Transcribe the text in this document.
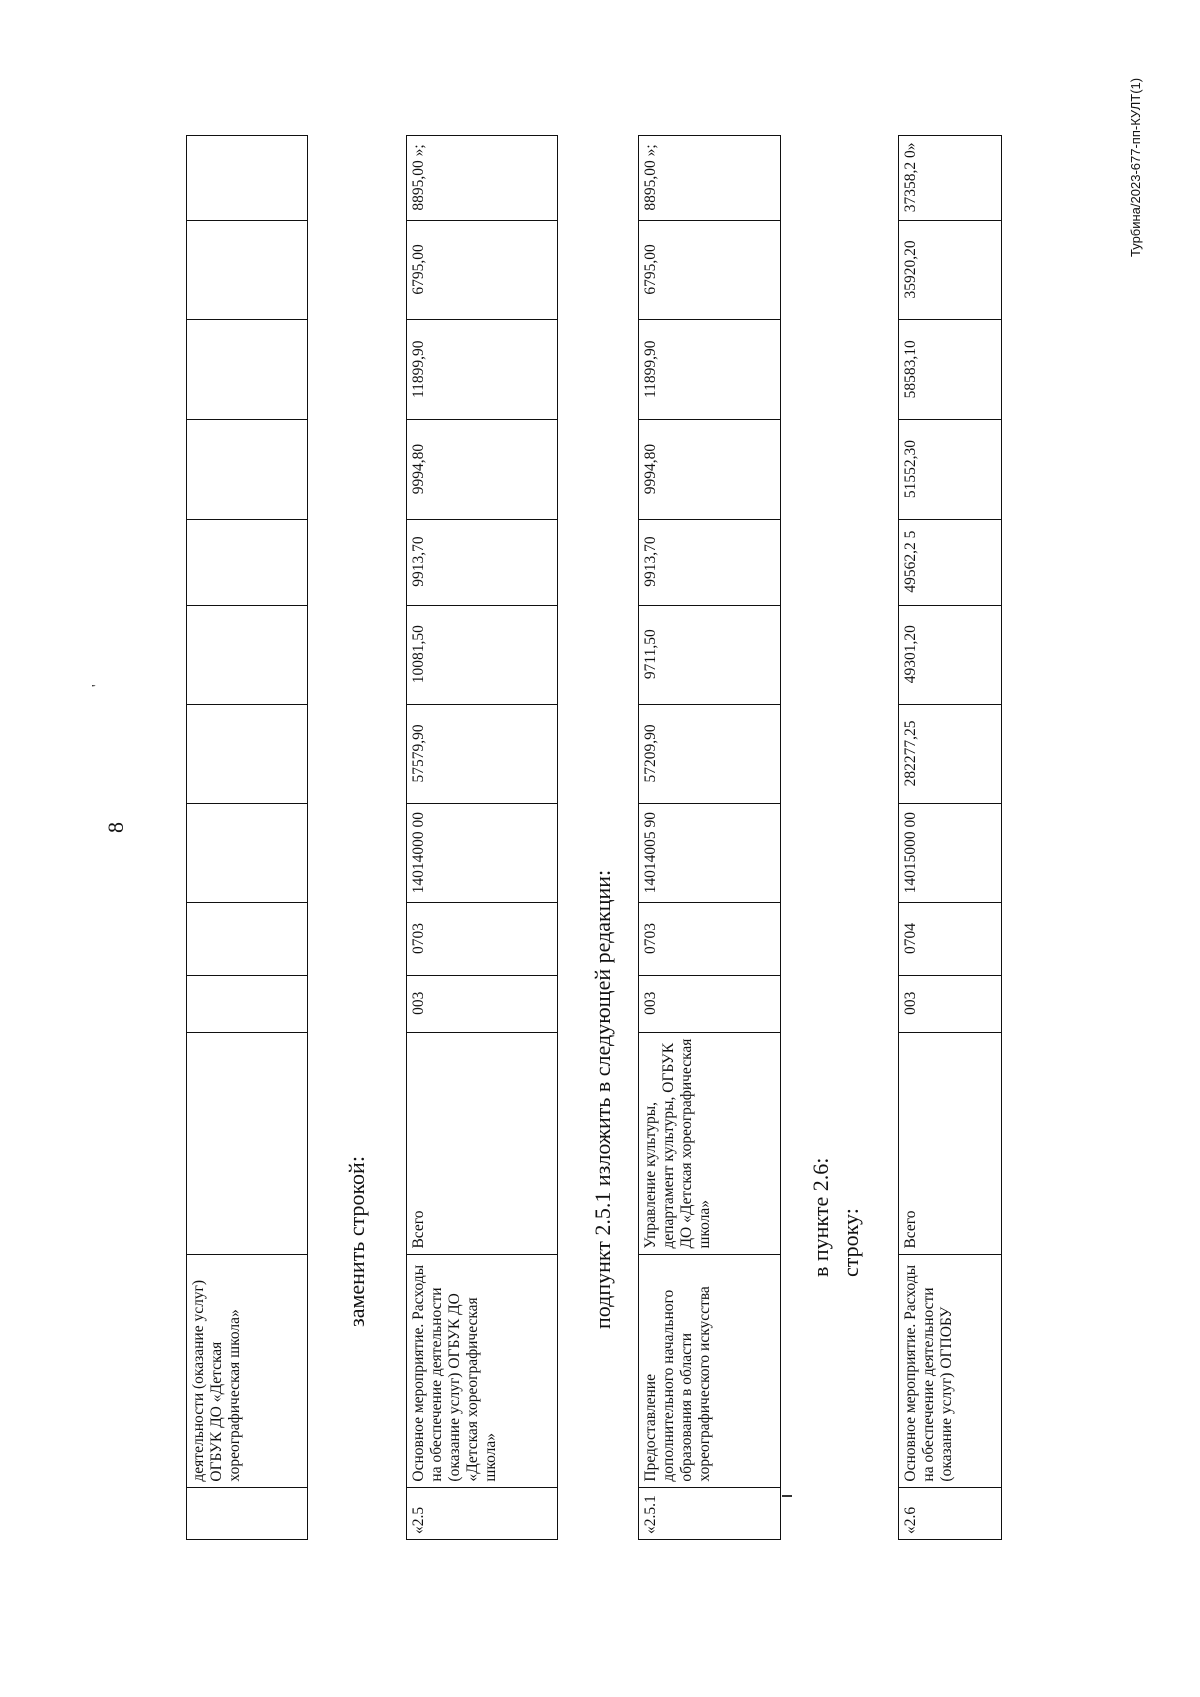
8
'
	деятельности (оказание услуг) ОГБУК ДО «Детская хореографическая школа»											
заменить строкой:
«2.5	Основное мероприятие. Расходы на обеспечение деятельности (оказание услуг) ОГБУК ДО «Детская хореографическая школа»	Всего	003	0703	14014000 00	57579,90	10081,50	9913,70	9994,80	11899,90	6795,00	8895,00 »;
подпункт 2.5.1 изложить в следующей редакции:
«2.5.1	Предоставление дополнительного начального образования в области хореографического искусства	Управление культуры, департамент культуры, ОГБУК ДО «Детская хореографическая школа»	003	0703	14014005 90	57209,90	9711,50	9913,70	9994,80	11899,90	6795,00	8895,00 »;
в пункте 2.6: строку:
«2.6	Основное мероприятие. Расходы на обеспечение деятельности (оказание услуг) ОГПОБУ	Всего	003	0704	14015000 00	282277,25	49301,20	49562,2 5	51552,30	58583,10	35920,20	37358,2 0»	Турбина/2023-677-пп-КУЛТ(1)
